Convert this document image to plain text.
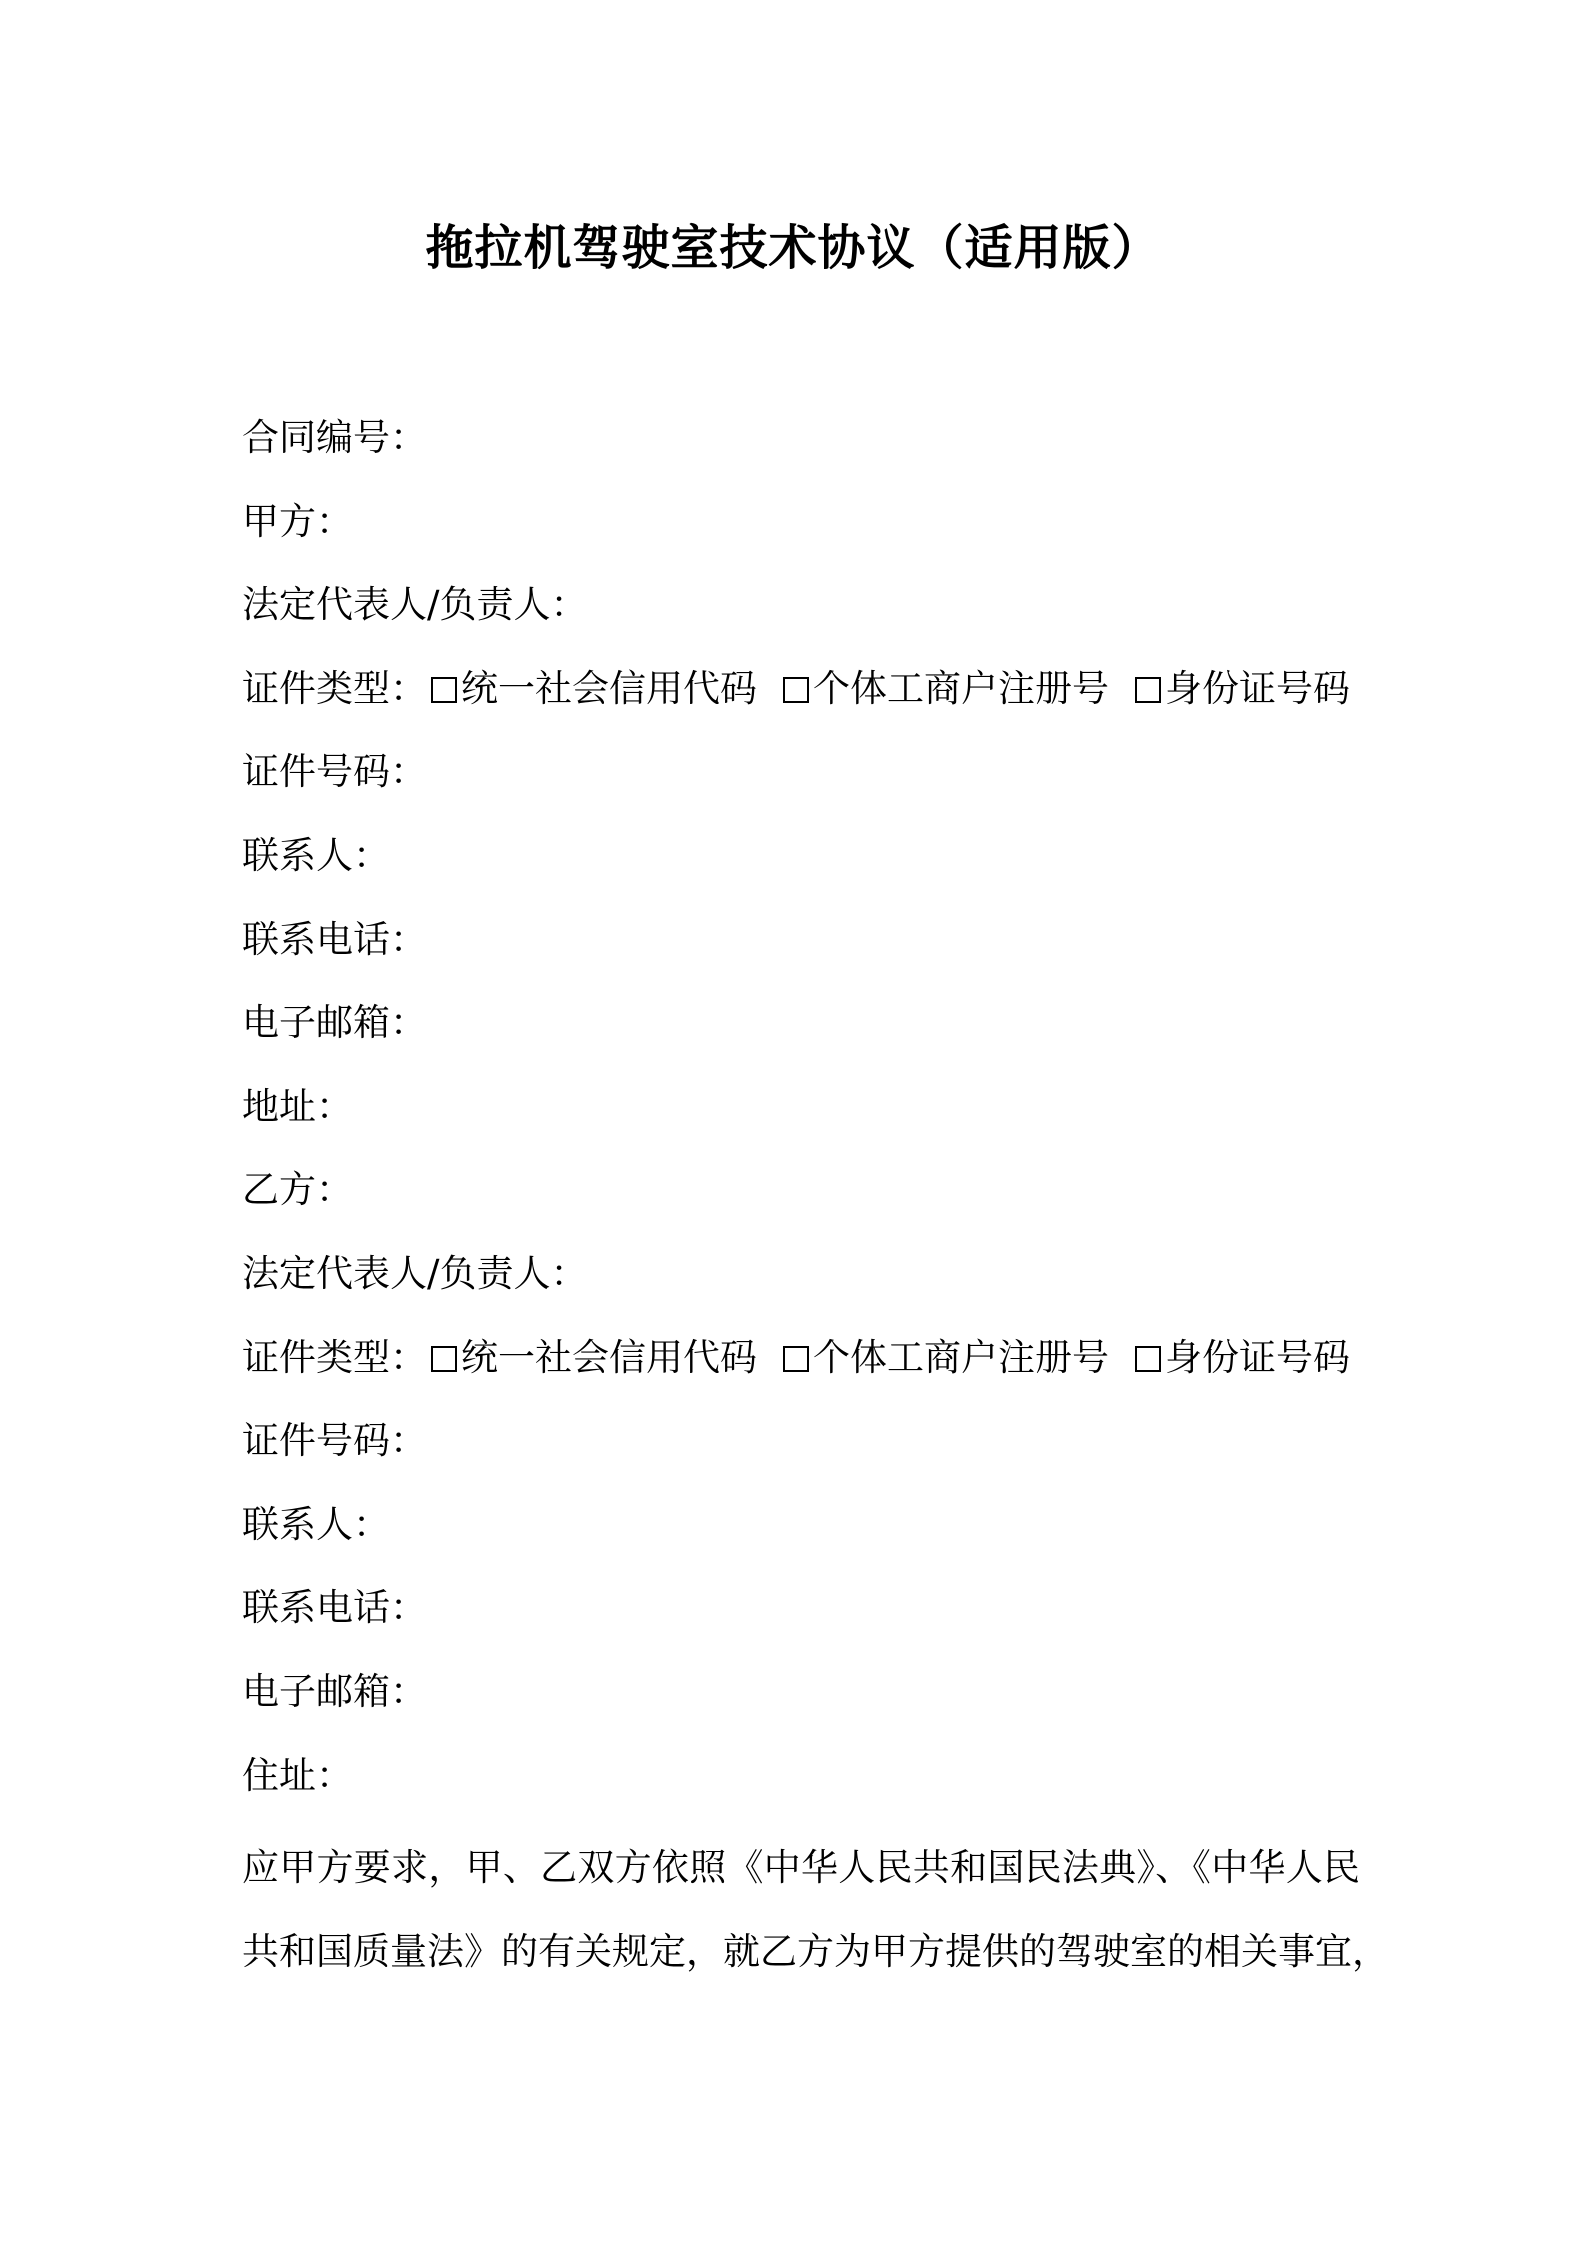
拖拉机驾驶室技术协议（适用版）
合同编号：
甲方：
法定代表人/负责人：
证件类型： 统一社会信用代码 个体工商户注册号 身份证号码
证件号码：
联系人：
联系电话：
电子邮箱：
地址：
乙方：
法定代表人/负责人：
证件类型： 统一社会信用代码 个体工商户注册号 身份证号码
证件号码：
联系人：
联系电话：
电子邮箱：
住址：
应甲方要求，甲、乙双方依照《中华人民共和国民法典》、《中华人民
共和国质量法》的有关规定，就乙方为甲方提供的驾驶室的相关事宜，
